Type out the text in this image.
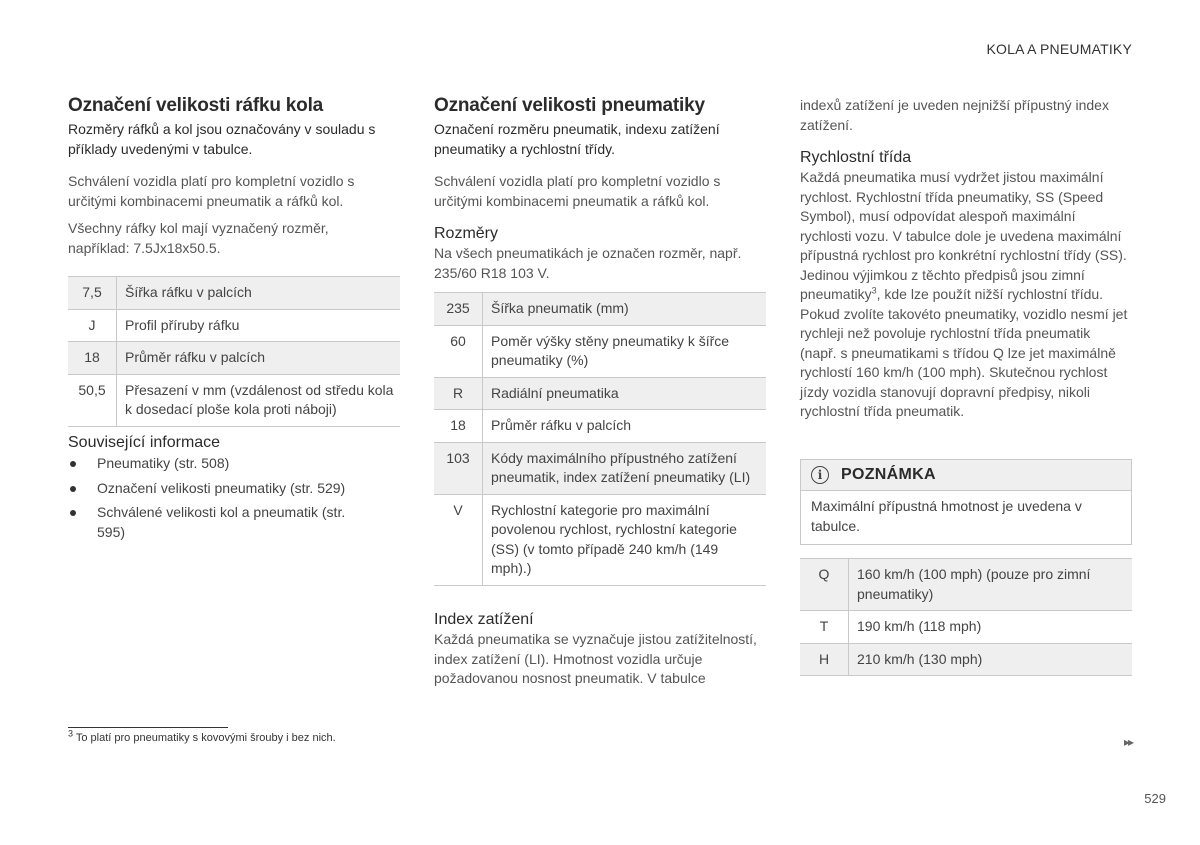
KOLA A PNEUMATIKY
Označení velikosti ráfku kola

Rozměry ráfků a kol jsou označovány v souladu s příklady uvedenými v tabulce.

Schválení vozidla platí pro kompletní vozidlo s určitými kombinacemi pneumatik a ráfků kol.

Všechny ráfky kol mají vyznačený rozměr, například: 7.5Jx18x50.5.

7,5	Šířka ráfku v palcích
J	Profil příruby ráfku
18	Průměr ráfku v palcích
50,5	Přesazení v mm (vzdálenost od středu kola k dosedací ploše kola proti náboji)
Související informace
Pneumatiky (str. 508)
Označení velikosti pneumatiky (str. 529)
Schválené velikosti kol a pneumatik (str. 595)
Označení velikosti pneumatiky

Označení rozměru pneumatik, indexu zatížení pneumatiky a rychlostní třídy.

Schválení vozidla platí pro kompletní vozidlo s určitými kombinacemi pneumatik a ráfků kol.

Rozměry

Na všech pneumatikách je označen rozměr, např. 235/60 R18 103 V.

235	Šířka pneumatik (mm)
60	Poměr výšky stěny pneumatiky k šířce pneumatiky (%)
R	Radiální pneumatika
18	Průměr ráfku v palcích
103	Kódy maximálního přípustného zatížení pneumatik, index zatížení pneumatiky (LI)
V	Rychlostní kategorie pro maximální povolenou rychlost, rychlostní kategorie (SS) (v tomto případě 240 km/h (149 mph).)
Index zatížení

Každá pneumatika se vyznačuje jistou zatížitelností, index zatížení (LI). Hmotnost vozidla určuje požadovanou nosnost pneumatik. V tabulce

indexů zatížení je uveden nejnižší přípustný index zatížení.

Rychlostní třída

Každá pneumatika musí vydržet jistou maximální rychlost. Rychlostní třída pneumatiky, SS (Speed Symbol), musí odpovídat alespoň maximální rychlosti vozu. V tabulce dole je uvedena maximální přípustná rychlost pro konkrétní rychlostní třídy (SS). Jedinou výjimkou z těchto předpisů jsou zimní pneumatiky$^3$, kde lze použít nižší rychlostní třídu. Pokud zvolíte takovéto pneumatiky, vozidlo nesmí jet rychleji než povoluje rychlostní třída pneumatik (např. s pneumatikami s třídou Q lze jet maximálně rychlostí 160 km/h (100 mph). Skutečnou rychlost jízdy vozidla stanovují dopravní předpisy, nikoli rychlostní třída pneumatik.

i	POZNÁMKA
Maximální přípustná hmotnost je uvedena v tabulce.
Q	160 km/h (100 mph) (pouze pro zimní pneumatiky)
T	190 km/h (118 mph)
H	210 km/h (130 mph)
$^3$ To platí pro pneumatiky s kovovými šrouby i bez nich.	▸▸
529
